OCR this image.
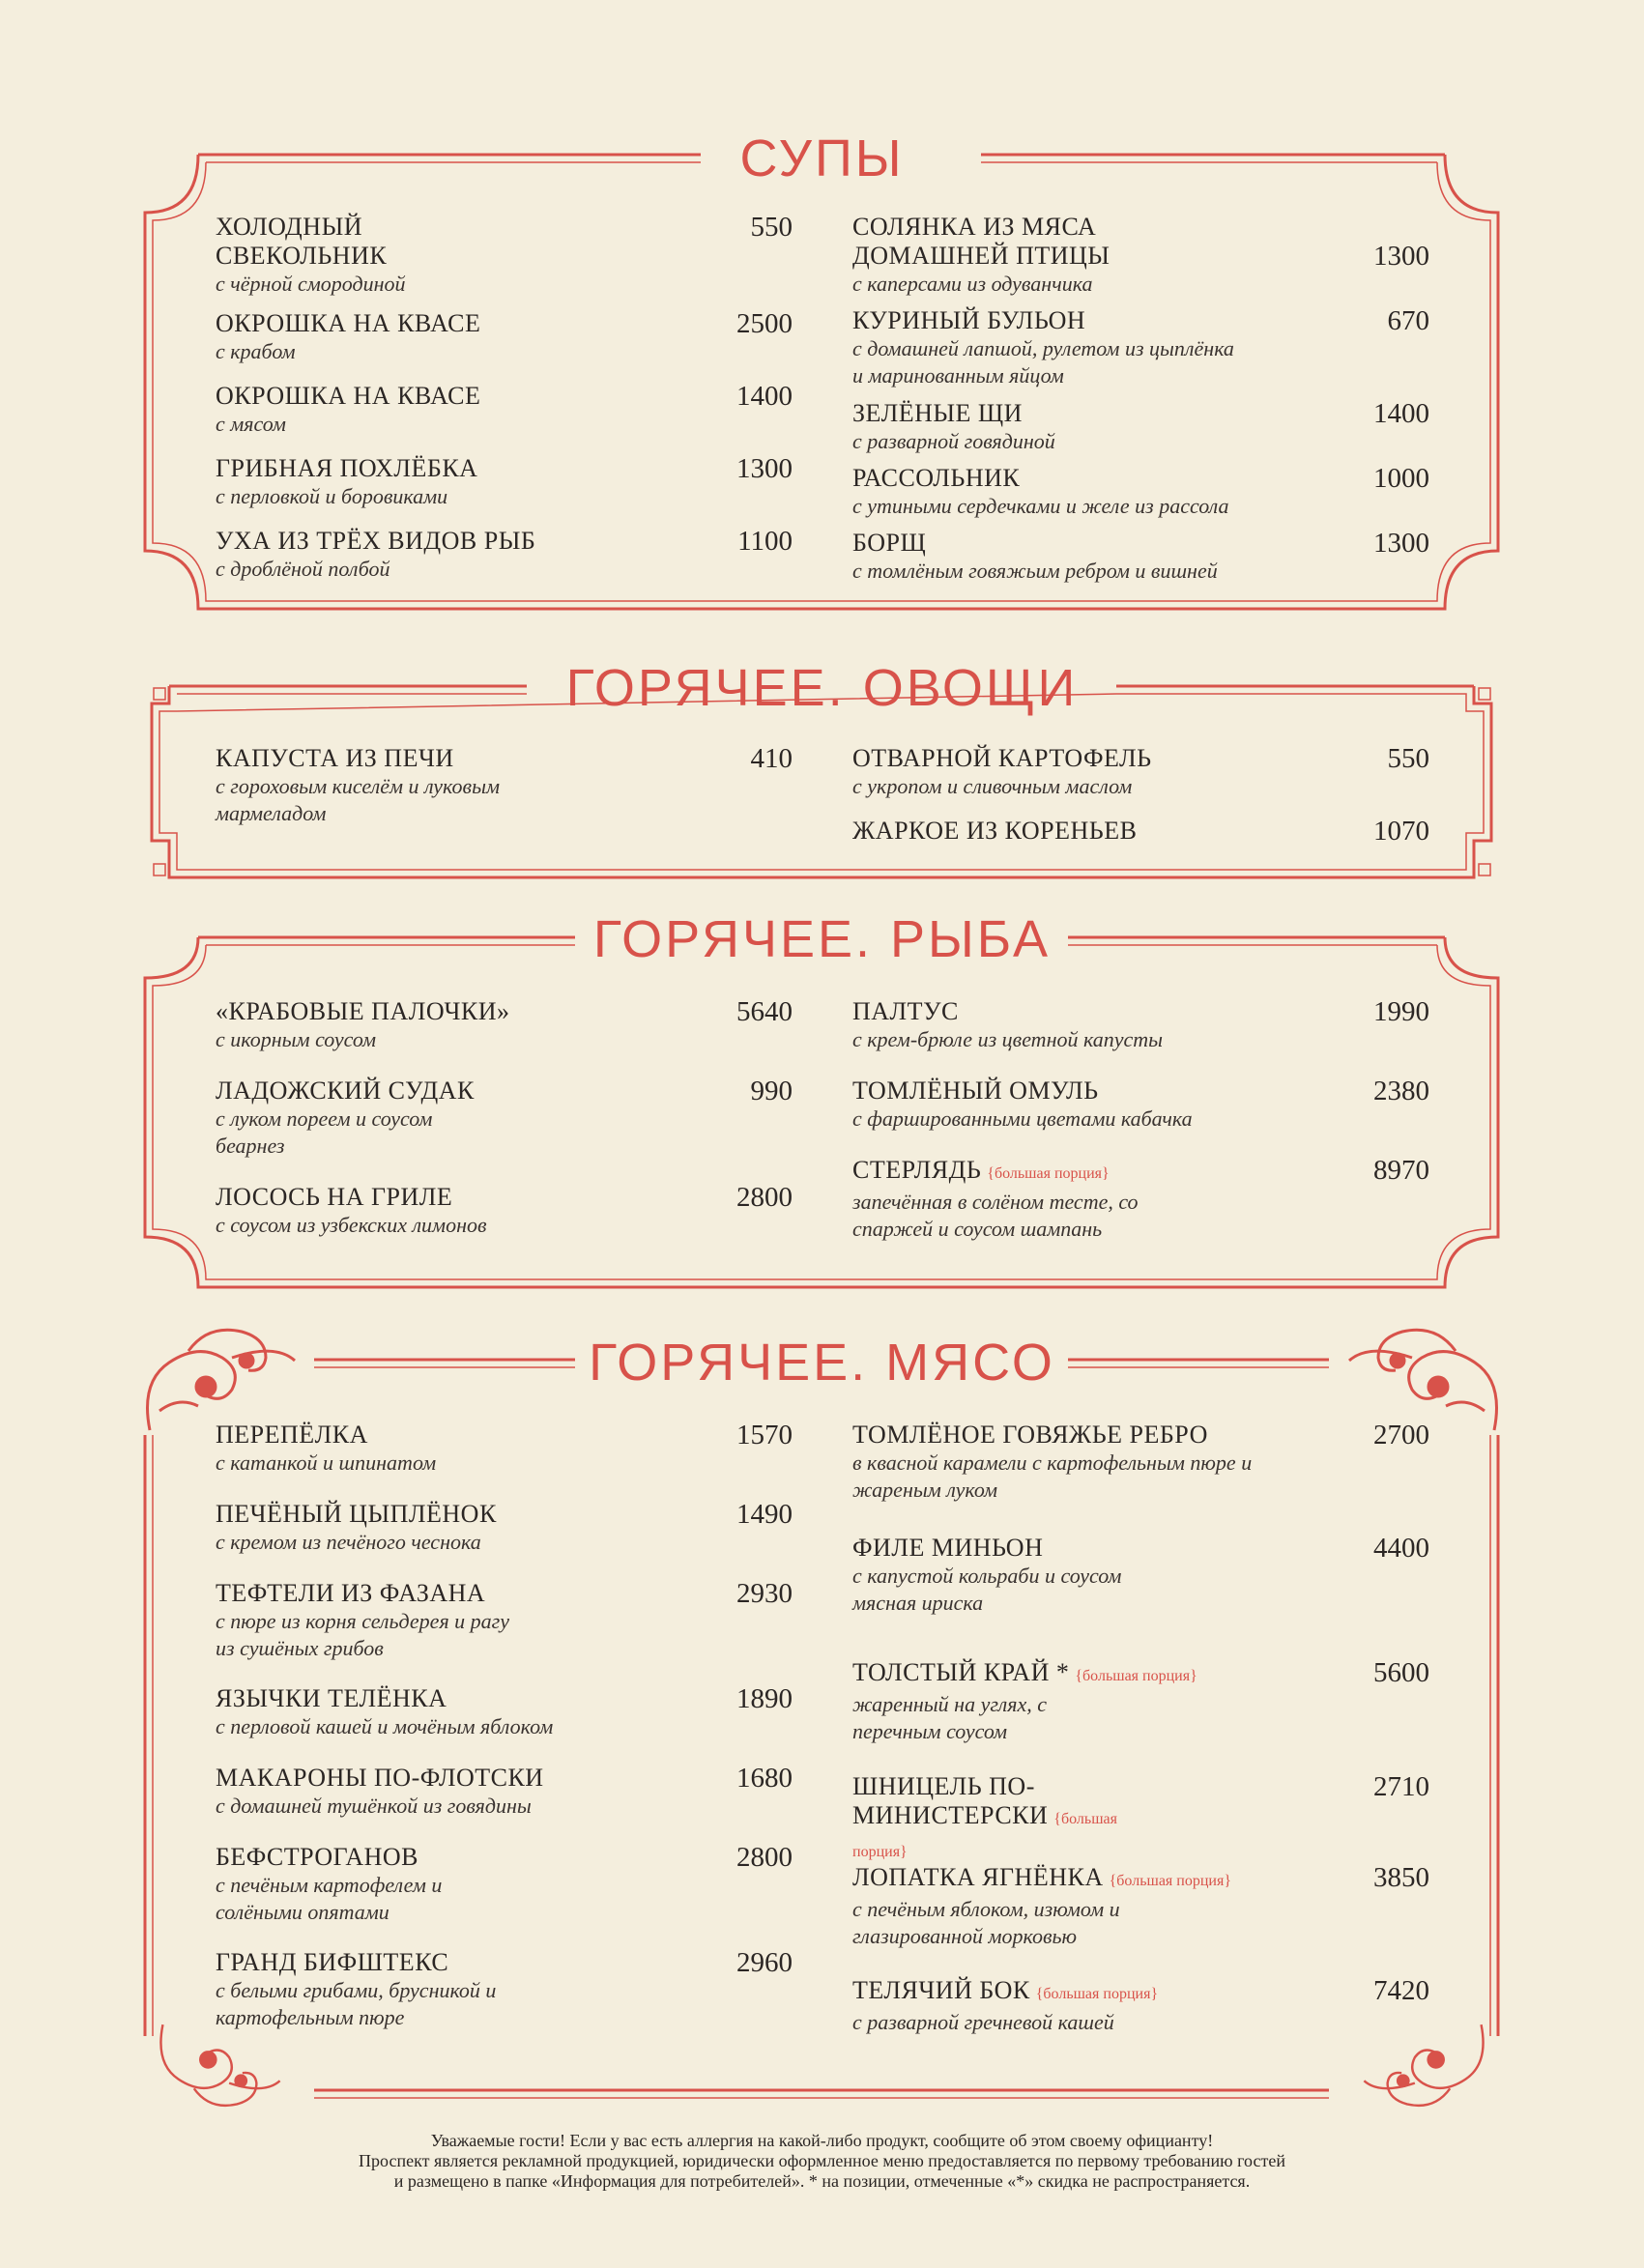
СУПЫ
550
ХОЛОДНЫЙ СВЕКОЛЬНИК
с чёрной смородиной
2500
ОКРОШКА НА КВАСЕ
с крабом
1400
ОКРОШКА НА КВАСЕ
с мясом
1300
ГРИБНАЯ ПОХЛЁБКА
с перловкой и боровиками
1100
УХА ИЗ ТРЁХ ВИДОВ РЫБ
с дроблёной полбой
1300
СОЛЯНКА ИЗ МЯСА ДОМАШНЕЙ ПТИЦЫ
с каперсами из одуванчика
670
КУРИНЫЙ БУЛЬОН
с домашней лапшой, рулетом из цыплёнка и маринованным яйцом
1400
ЗЕЛЁНЫЕ ЩИ
с разварной говядиной
1000
РАССОЛЬНИК
с утиными сердечками и желе из рассола
1300
БОРЩ
с томлёным говяжьим ребром и вишней
ГОРЯЧЕЕ. ОВОЩИ
410
КАПУСТА ИЗ ПЕЧИ
с гороховым киселём и луковым мармеладом
550
ОТВАРНОЙ КАРТОФЕЛЬ
с укропом и сливочным маслом
1070
ЖАРКОЕ ИЗ КОРЕНЬЕВ
ГОРЯЧЕЕ. РЫБА
5640
«КРАБОВЫЕ ПАЛОЧКИ»
с икорным соусом
990
ЛАДОЖСКИЙ СУДАК
с луком пореем и соусом беарнез
2800
ЛОСОСЬ НА ГРИЛЕ
с соусом из узбекских лимонов
1990
ПАЛТУС
с крем-брюле из цветной капусты
2380
ТОМЛЁНЫЙ ОМУЛЬ
с фаршированными цветами кабачка
8970
СТЕРЛЯДЬ {большая порция}
запечённая в солёном тесте, со спаржей и соусом шампань
ГОРЯЧЕЕ. МЯСО
1570
ПЕРЕПЁЛКА
с катанкой и шпинатом
1490
ПЕЧЁНЫЙ ЦЫПЛЁНОК
с кремом из печёного чеснока
2930
ТЕФТЕЛИ ИЗ ФАЗАНА
с пюре из корня сельдерея и рагу из сушёных грибов
1890
ЯЗЫЧКИ ТЕЛЁНКА
с перловой кашей и мочёным яблоком
1680
МАКАРОНЫ ПО-ФЛОТСКИ
с домашней тушёнкой из говядины
2800
БЕФСТРОГАНОВ
с печёным картофелем и солёными опятами
2960
ГРАНД БИФШТЕКС
с белыми грибами, брусникой и картофельным пюре
2700
ТОМЛЁНОЕ ГОВЯЖЬЕ РЕБРО
в квасной карамели с картофельным пюре и жареным луком
4400
ФИЛЕ МИНЬОН
с капустой кольраби и соусом мясная ириска
5600
ТОЛСТЫЙ КРАЙ * {большая порция}
жаренный на углях, с перечным соусом
2710
ШНИЦЕЛЬ ПО-МИНИСТЕРСКИ {большая порция}
3850
ЛОПАТКА ЯГНЁНКА {большая порция}
с печёным яблоком, изюмом и глазированной морковью
7420
ТЕЛЯЧИЙ БОК {большая порция}
с разварной гречневой кашей
Уважаемые гости! Если у вас есть аллергия на какой-либо продукт, сообщите об этом своему официанту!
Проспект является рекламной продукцией, юридически оформленное меню предоставляется по первому требованию гостей
и размещено в папке «Информация для потребителей». * на позиции, отмеченные «*» скидка не распространяется.
